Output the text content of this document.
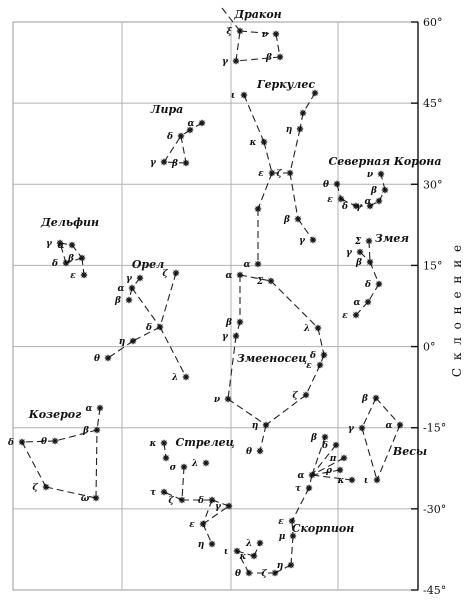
ξ	ν
γ	β
ι
η
κ
ε ζ
β
γ
α
α
δ
β
γ
θ
ε
δ γ α
β
ν
Σ
γ
β
δ
α
ε
γ α
δ β
ε	γ
α
β
ζ
δ
η
θ
λ
α
Σ
β
γ
λ
δ
ε
ζ
ν
η
θ
α
β
θ
δ
ζ
ω
κ
σ λ
τ
ζ	δ
γ
ε
η
β
δ
π
ρ
α
τ
κ
ε
μ
η
ζ
θ
ι
λ
κ
β
γ	α
ι
Дракон
Геркулес
Лира
Северная Корона
Змея
Дельфин
Орел
Змееносец
Козерог
Стрелец
Скорпион
Весы
60°
45°
30°
15°
0°
-15°
-30°
-45°
С к л о н е н и е
